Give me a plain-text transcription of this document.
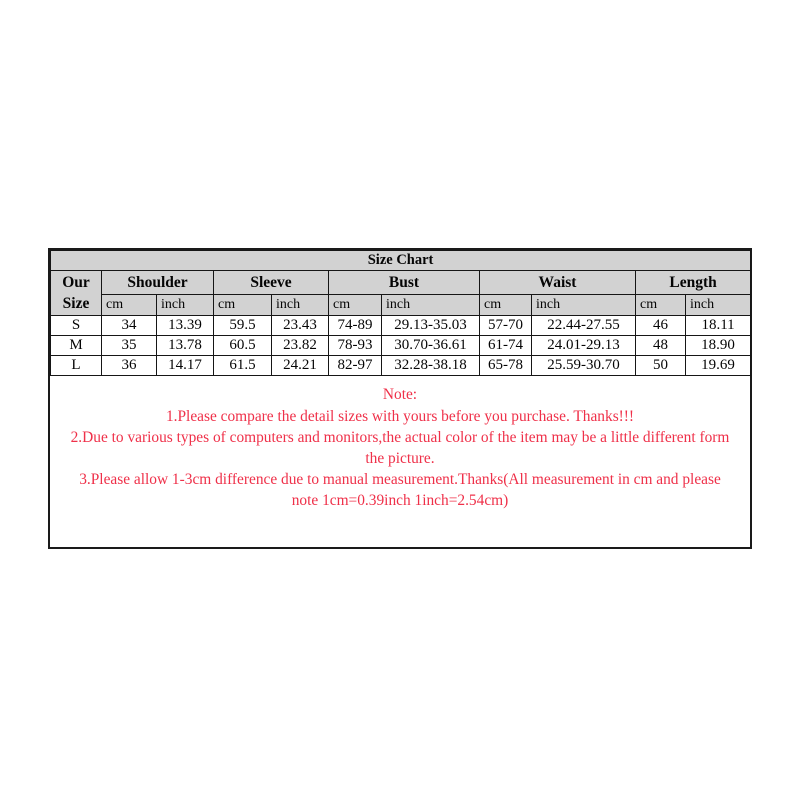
Size Chart										

Our
Size	Shoulder		Sleeve		Bust		Waist		Length	
	cm	inch	cm	inch	cm	inch	cm	inch	cm	inch
S	34	13.39	59.5	23.43	74-89	29.13-35.03	57-70	22.44-27.55	46	18.11
M	35	13.78	60.5	23.82	78-93	30.70-36.61	61-74	24.01-29.13	48	18.90
L	36	14.17	61.5	24.21	82-97	32.28-38.18	65-78	25.59-30.70	50	19.69
Note:
1.Please compare the detail sizes with yours before you purchase. Thanks!!!
2.Due to various types of computers and monitors,the actual color of the item may be a little different form
the picture.
3.Please allow 1-3cm difference due to manual measurement.Thanks(All measurement in cm and please
note 1cm=0.39inch 1inch=2.54cm)
